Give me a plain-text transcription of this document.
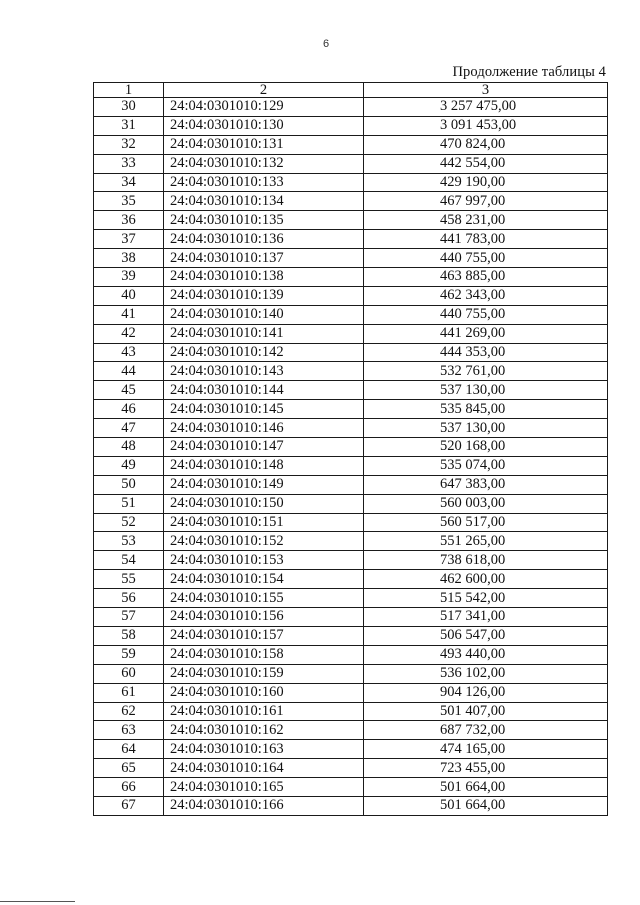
6
Продолжение таблицы 4
1	2	3
30	24:04:0301010:129	3 257 475,00
31	24:04:0301010:130	3 091 453,00
32	24:04:0301010:131	470 824,00
33	24:04:0301010:132	442 554,00
34	24:04:0301010:133	429 190,00
35	24:04:0301010:134	467 997,00
36	24:04:0301010:135	458 231,00
37	24:04:0301010:136	441 783,00
38	24:04:0301010:137	440 755,00
39	24:04:0301010:138	463 885,00
40	24:04:0301010:139	462 343,00
41	24:04:0301010:140	440 755,00
42	24:04:0301010:141	441 269,00
43	24:04:0301010:142	444 353,00
44	24:04:0301010:143	532 761,00
45	24:04:0301010:144	537 130,00
46	24:04:0301010:145	535 845,00
47	24:04:0301010:146	537 130,00
48	24:04:0301010:147	520 168,00
49	24:04:0301010:148	535 074,00
50	24:04:0301010:149	647 383,00
51	24:04:0301010:150	560 003,00
52	24:04:0301010:151	560 517,00
53	24:04:0301010:152	551 265,00
54	24:04:0301010:153	738 618,00
55	24:04:0301010:154	462 600,00
56	24:04:0301010:155	515 542,00
57	24:04:0301010:156	517 341,00
58	24:04:0301010:157	506 547,00
59	24:04:0301010:158	493 440,00
60	24:04:0301010:159	536 102,00
61	24:04:0301010:160	904 126,00
62	24:04:0301010:161	501 407,00
63	24:04:0301010:162	687 732,00
64	24:04:0301010:163	474 165,00
65	24:04:0301010:164	723 455,00
66	24:04:0301010:165	501 664,00
67	24:04:0301010:166	501 664,00
